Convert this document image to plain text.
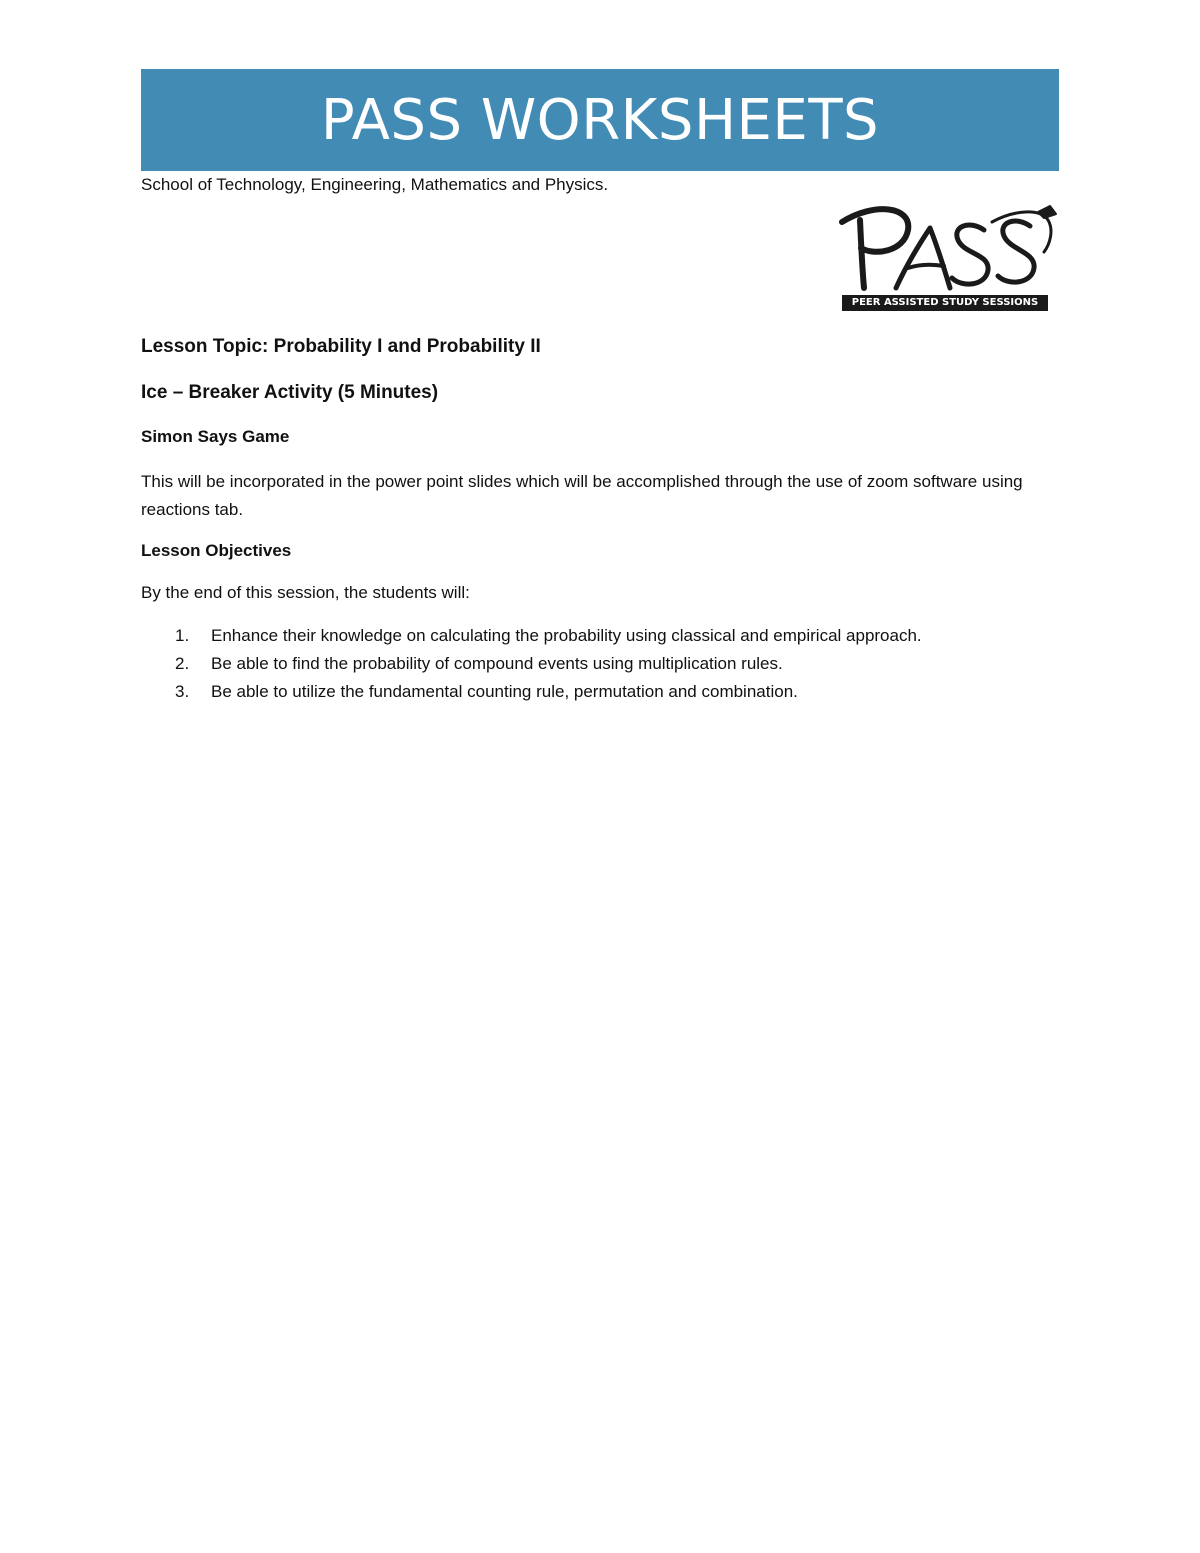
PASS WORKSHEETS
School of Technology, Engineering, Mathematics and Physics.
PEER ASSISTED STUDY SESSIONS
Lesson Topic: Probability I and Probability II
Ice – Breaker Activity (5 Minutes)
Simon Says Game
This will be incorporated in the power point slides which will be accomplished through the use of zoom software using reactions tab.
Lesson Objectives
By the end of this session, the students will:
1.	Enhance their knowledge on calculating the probability using classical and empirical approach.
2.	Be able to find the probability of compound events using multiplication rules.
3.	Be able to utilize the fundamental counting rule, permutation and combination.
